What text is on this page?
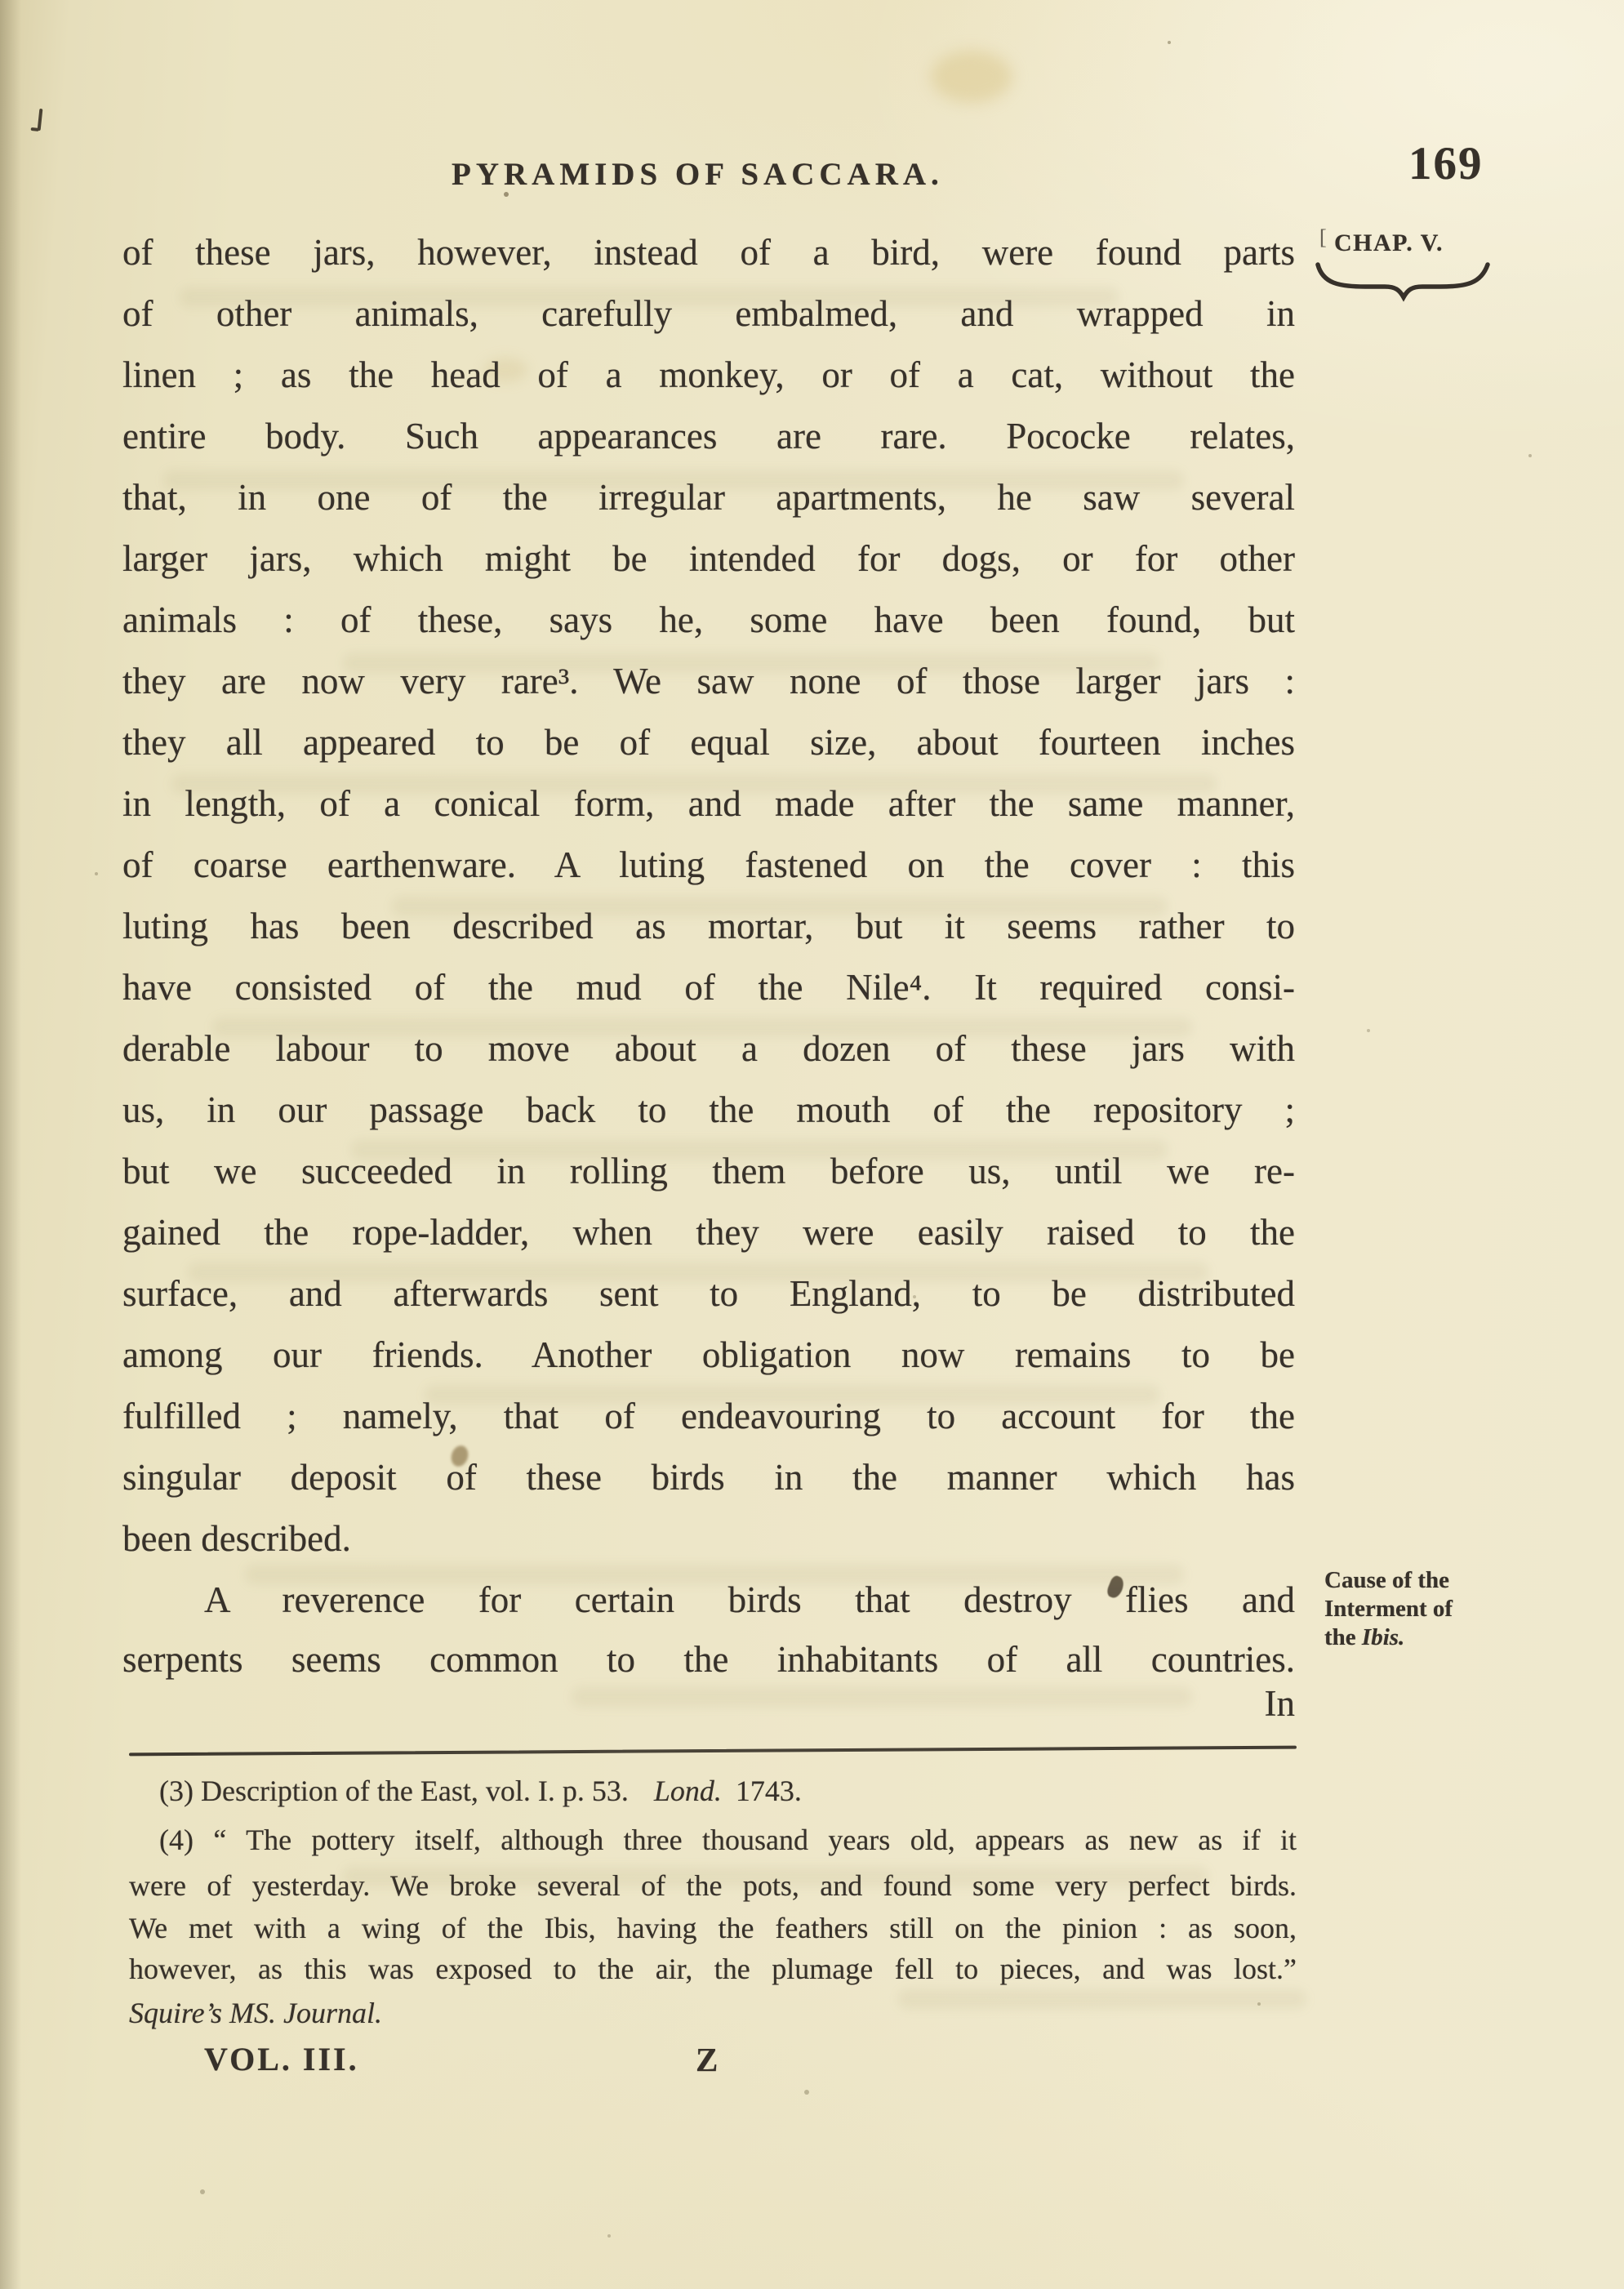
PYRAMIDS OF SACCARA.	169
[ CHAP. V.
of these jars, however, instead of a bird, were found parts
of other animals, carefully embalmed, and wrapped in
linen ; as the head of a monkey, or of a cat, without the
entire body. Such appearances are rare. Pococke relates,
that, in one of the irregular apartments, he saw several
larger jars, which might be intended for dogs, or for other
animals : of these, says he, some have been found, but
they are now very rare³. We saw none of those larger jars :
they all appeared to be of equal size, about fourteen inches
in length, of a conical form, and made after the same manner,
of coarse earthenware. A luting fastened on the cover : this
luting has been described as mortar, but it seems rather to
have consisted of the mud of the Nile⁴. It required consi-
derable labour to move about a dozen of these jars with
us, in our passage back to the mouth of the repository ;
but we succeeded in rolling them before us, until we re-
gained the rope-ladder, when they were easily raised to the
surface, and afterwards sent to England, to be distributed
among our friends. Another obligation now remains to be
fulfilled ; namely, that of endeavouring to account for the
singular deposit of these birds in the manner which has
been described.
A reverence for certain birds that destroy flies and
serpents seems common to the inhabitants of all countries.
In
Cause of the
Interment of
the Ibis.
(3) Description of the East, vol. I. p. 53. Lond. 1743.
(4) “ The pottery itself, although three thousand years old, appears as new as if it
were of yesterday. We broke several of the pots, and found some very perfect birds.
We met with a wing of the Ibis, having the feathers still on the pinion : as soon,
however, as this was exposed to the air, the plumage fell to pieces, and was lost.”
Squire’s MS. Journal.
VOL. III.	Z
